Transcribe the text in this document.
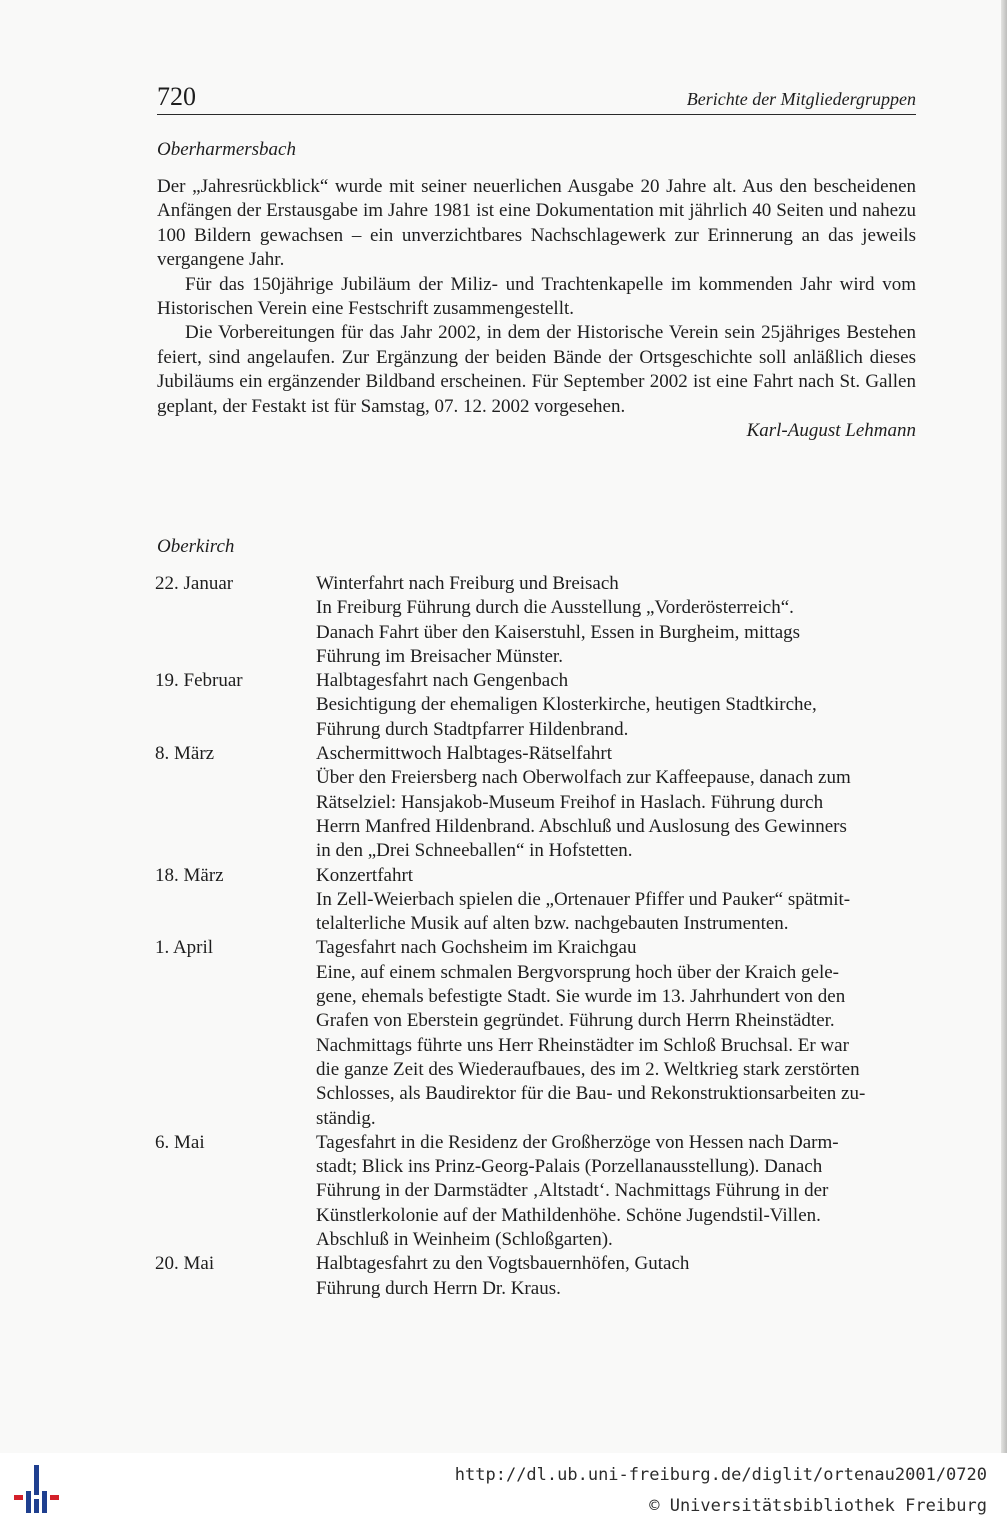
720	Berichte der Mitgliedergruppen
Oberharmersbach

Der „Jahresrückblick“ wurde mit seiner neuerlichen Ausgabe 20 Jahre alt. Aus den bescheidenen Anfängen der Erstausgabe im Jahre 1981 ist eine Dokumentation mit jährlich 40 Seiten und nahezu 100 Bildern gewachsen – ein unverzichtbares Nachschlagewerk zur Erinnerung an das jeweils vergangene Jahr.

Für das 150jährige Jubiläum der Miliz- und Trachtenkapelle im kommenden Jahr wird vom Historischen Verein eine Festschrift zusammengestellt.

Die Vorbereitungen für das Jahr 2002, in dem der Historische Verein sein 25jähriges Bestehen feiert, sind angelaufen. Zur Ergänzung der beiden Bände der Ortsgeschichte soll anläßlich dieses Jubiläums ein ergänzender Bildband erscheinen. Für September 2002 ist eine Fahrt nach St. Gallen geplant, der Festakt ist für Samstag, 07. 12. 2002 vorgesehen.

Karl-August Lehmann

Oberkirch
22. Januar	Winterfahrt nach Freiburg und Breisach

In Freiburg Führung durch die Ausstellung „Vorderösterreich“.

Danach Fahrt über den Kaiserstuhl, Essen in Burgheim, mittags

Führung im Breisacher Münster.

19. Februar	Halbtagesfahrt nach Gengenbach

Besichtigung der ehemaligen Klosterkirche, heutigen Stadtkirche,

Führung durch Stadtpfarrer Hildenbrand.

8. März	Aschermittwoch Halbtages-Rätselfahrt

Über den Freiersberg nach Oberwolfach zur Kaffeepause, danach zum

Rätselziel: Hansjakob-Museum Freihof in Haslach. Führung durch

Herrn Manfred Hildenbrand. Abschluß und Auslosung des Gewinners

in den „Drei Schneeballen“ in Hofstetten.

18. März	Konzertfahrt

In Zell-Weierbach spielen die „Ortenauer Pfiffer und Pauker“ spätmit-

telalterliche Musik auf alten bzw. nachgebauten Instrumenten.

1. April	Tagesfahrt nach Gochsheim im Kraichgau

Eine, auf einem schmalen Bergvorsprung hoch über der Kraich gele-

gene, ehemals befestigte Stadt. Sie wurde im 13. Jahrhundert von den

Grafen von Eberstein gegründet. Führung durch Herrn Rheinstädter.

Nachmittags führte uns Herr Rheinstädter im Schloß Bruchsal. Er war

die ganze Zeit des Wiederaufbaues, des im 2. Weltkrieg stark zerstörten

Schlosses, als Baudirektor für die Bau- und Rekonstruktionsarbeiten zu-

ständig.

6. Mai	Tagesfahrt in die Residenz der Großherzöge von Hessen nach Darm-

stadt; Blick ins Prinz-Georg-Palais (Porzellanausstellung). Danach

Führung in der Darmstädter ‚Altstadt‘. Nachmittags Führung in der

Künstlerkolonie auf der Mathildenhöhe. Schöne Jugendstil-Villen.

Abschluß in Weinheim (Schloßgarten).

20. Mai	Halbtagesfahrt zu den Vogtsbauernhöfen, Gutach

Führung durch Herrn Dr. Kraus.

http://dl.ub.uni-freiburg.de/diglit/ortenau2001/0720
© Universitätsbibliothek Freiburg
